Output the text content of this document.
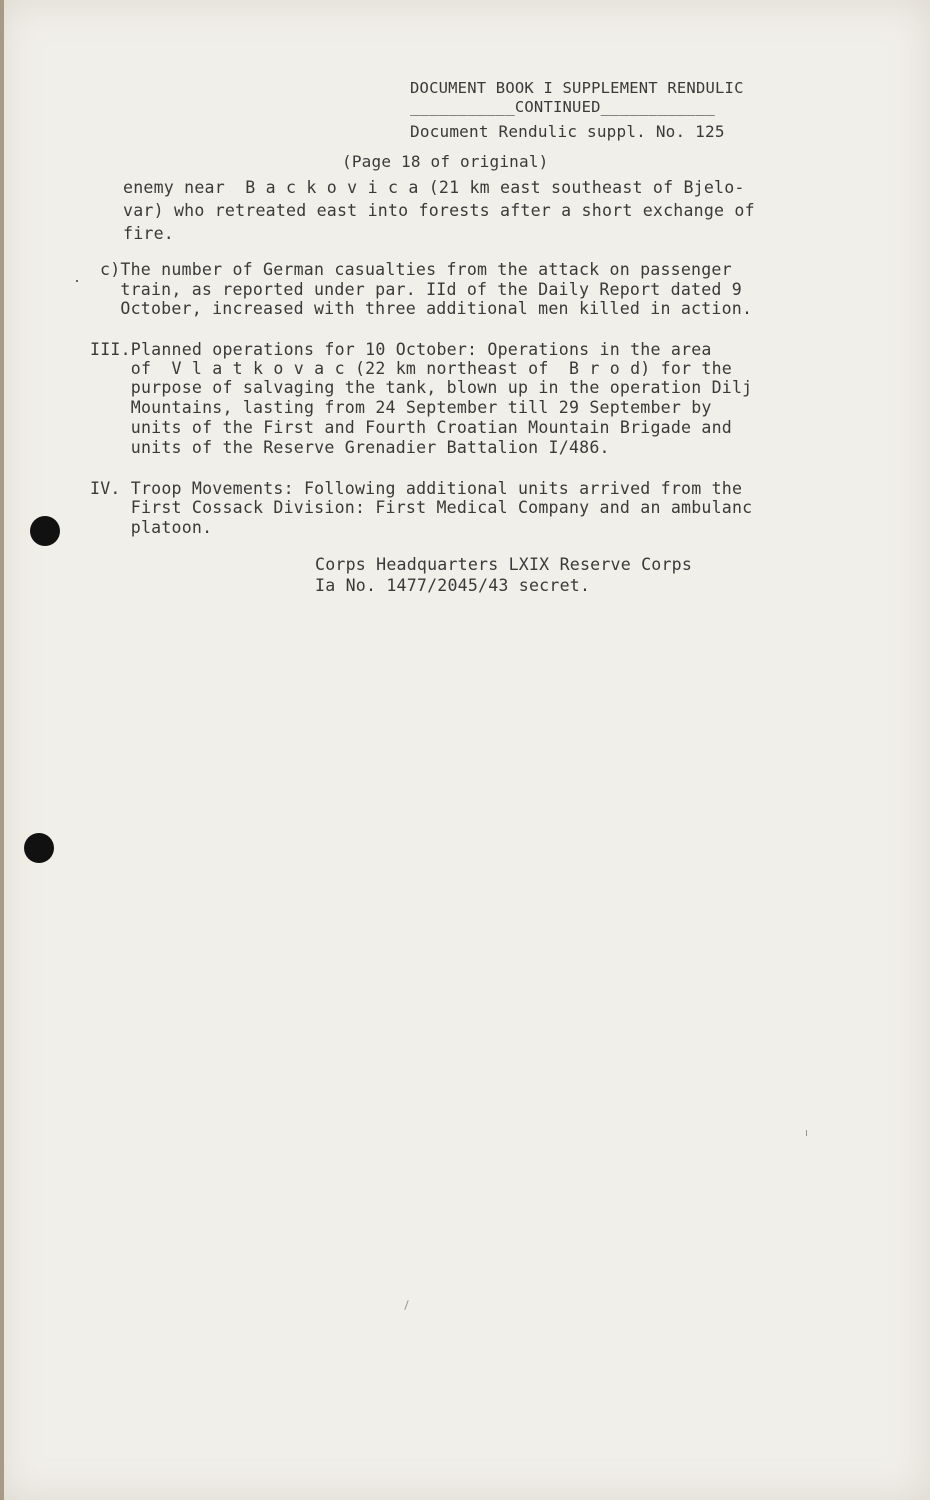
DOCUMENT BOOK I SUPPLEMENT RENDULIC
___________CONTINUED____________
Document Rendulic suppl. No. 125
(Page 18 of original)
enemy near  B a c k o v i c a (21 km east southeast of Bjelo-
var) who retreated east into forests after a short exchange of
fire.
c)The number of German casualties from the attack on passenger
train, as reported under par. IId of the Daily Report dated 9
October, increased with three additional men killed in action.
III.Planned operations for 10 October: Operations in the area
of  V l a t k o v a c (22 km northeast of  B r o d) for the
purpose of salvaging the tank, blown up in the operation Dilj
Mountains, lasting from 24 September till 29 September by
units of the First and Fourth Croatian Mountain Brigade and
units of the Reserve Grenadier Battalion I/486.
IV. Troop Movements: Following additional units arrived from the
First Cossack Division: First Medical Company and an ambulanc
platoon.
Corps Headquarters LXIX Reserve Corps
Ia No. 1477/2045/43 secret.
